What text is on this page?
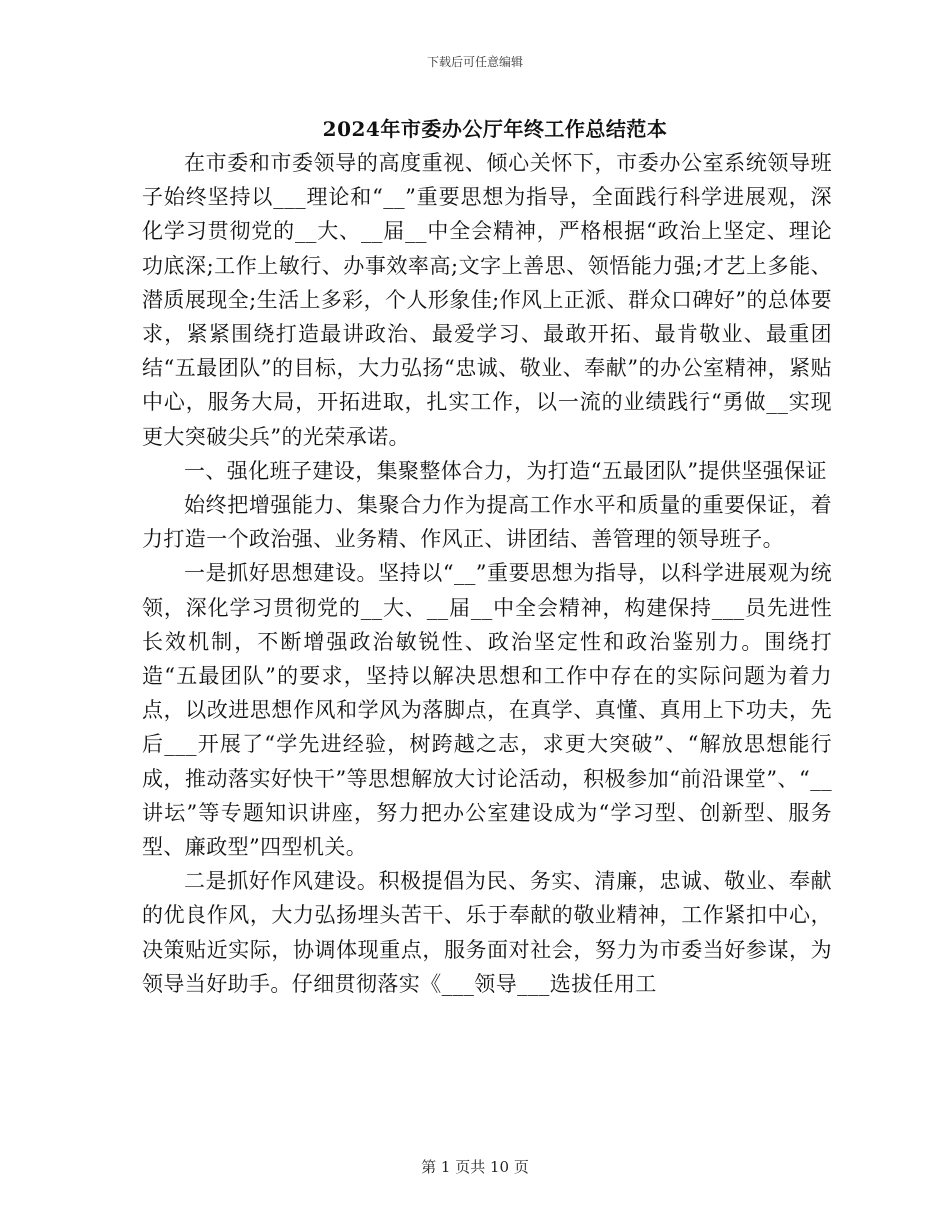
下载后可任意编辑
2024年市委办公厅年终工作总结范本

在市委和市委领导的高度重视、倾心关怀下，市委办公室系统领导班子始终坚持以___理论和“__”重要思想为指导，全面践行科学进展观，深化学习贯彻党的__大、__届__中全会精神，严格根据“政治上坚定、理论功底深;工作上敏行、办事效率高;文字上善思、领悟能力强;才艺上多能、潜质展现全;生活上多彩，个人形象佳;作风上正派、群众口碑好”的总体要求，紧紧围绕打造最讲政治、最爱学习、最敢开拓、最肯敬业、最重团结“五最团队”的目标，大力弘扬“忠诚、敬业、奉献”的办公室精神，紧贴中心，服务大局，开拓进取，扎实工作，以一流的业绩践行“勇做__实现更大突破尖兵”的光荣承诺。

一、强化班子建设，集聚整体合力，为打造“五最团队”提供坚强保证

始终把增强能力、集聚合力作为提高工作水平和质量的重要保证，着力打造一个政治强、业务精、作风正、讲团结、善管理的领导班子。

一是抓好思想建设。坚持以“__”重要思想为指导，以科学进展观为统领，深化学习贯彻党的__大、__届__中全会精神，构建保持___员先进性长效机制，不断增强政治敏锐性、政治坚定性和政治鉴别力。围绕打造“五最团队”的要求，坚持以解决思想和工作中存在的实际问题为着力点，以改进思想作风和学风为落脚点，在真学、真懂、真用上下功夫，先后___开展了“学先进经验，树跨越之志，求更大突破”、“解放思想能行成，推动落实好快干”等思想解放大讨论活动，积极参加“前沿课堂”、“__讲坛”等专题知识讲座，努力把办公室建设成为“学习型、创新型、服务型、廉政型”四型机关。

二是抓好作风建设。积极提倡为民、务实、清廉，忠诚、敬业、奉献的优良作风，大力弘扬埋头苦干、乐于奉献的敬业精神，工作紧扣中心，决策贴近实际，协调体现重点，服务面对社会，努力为市委当好参谋，为领导当好助手。仔细贯彻落实《___领导___选拔任用工

第 1 页共 10 页
